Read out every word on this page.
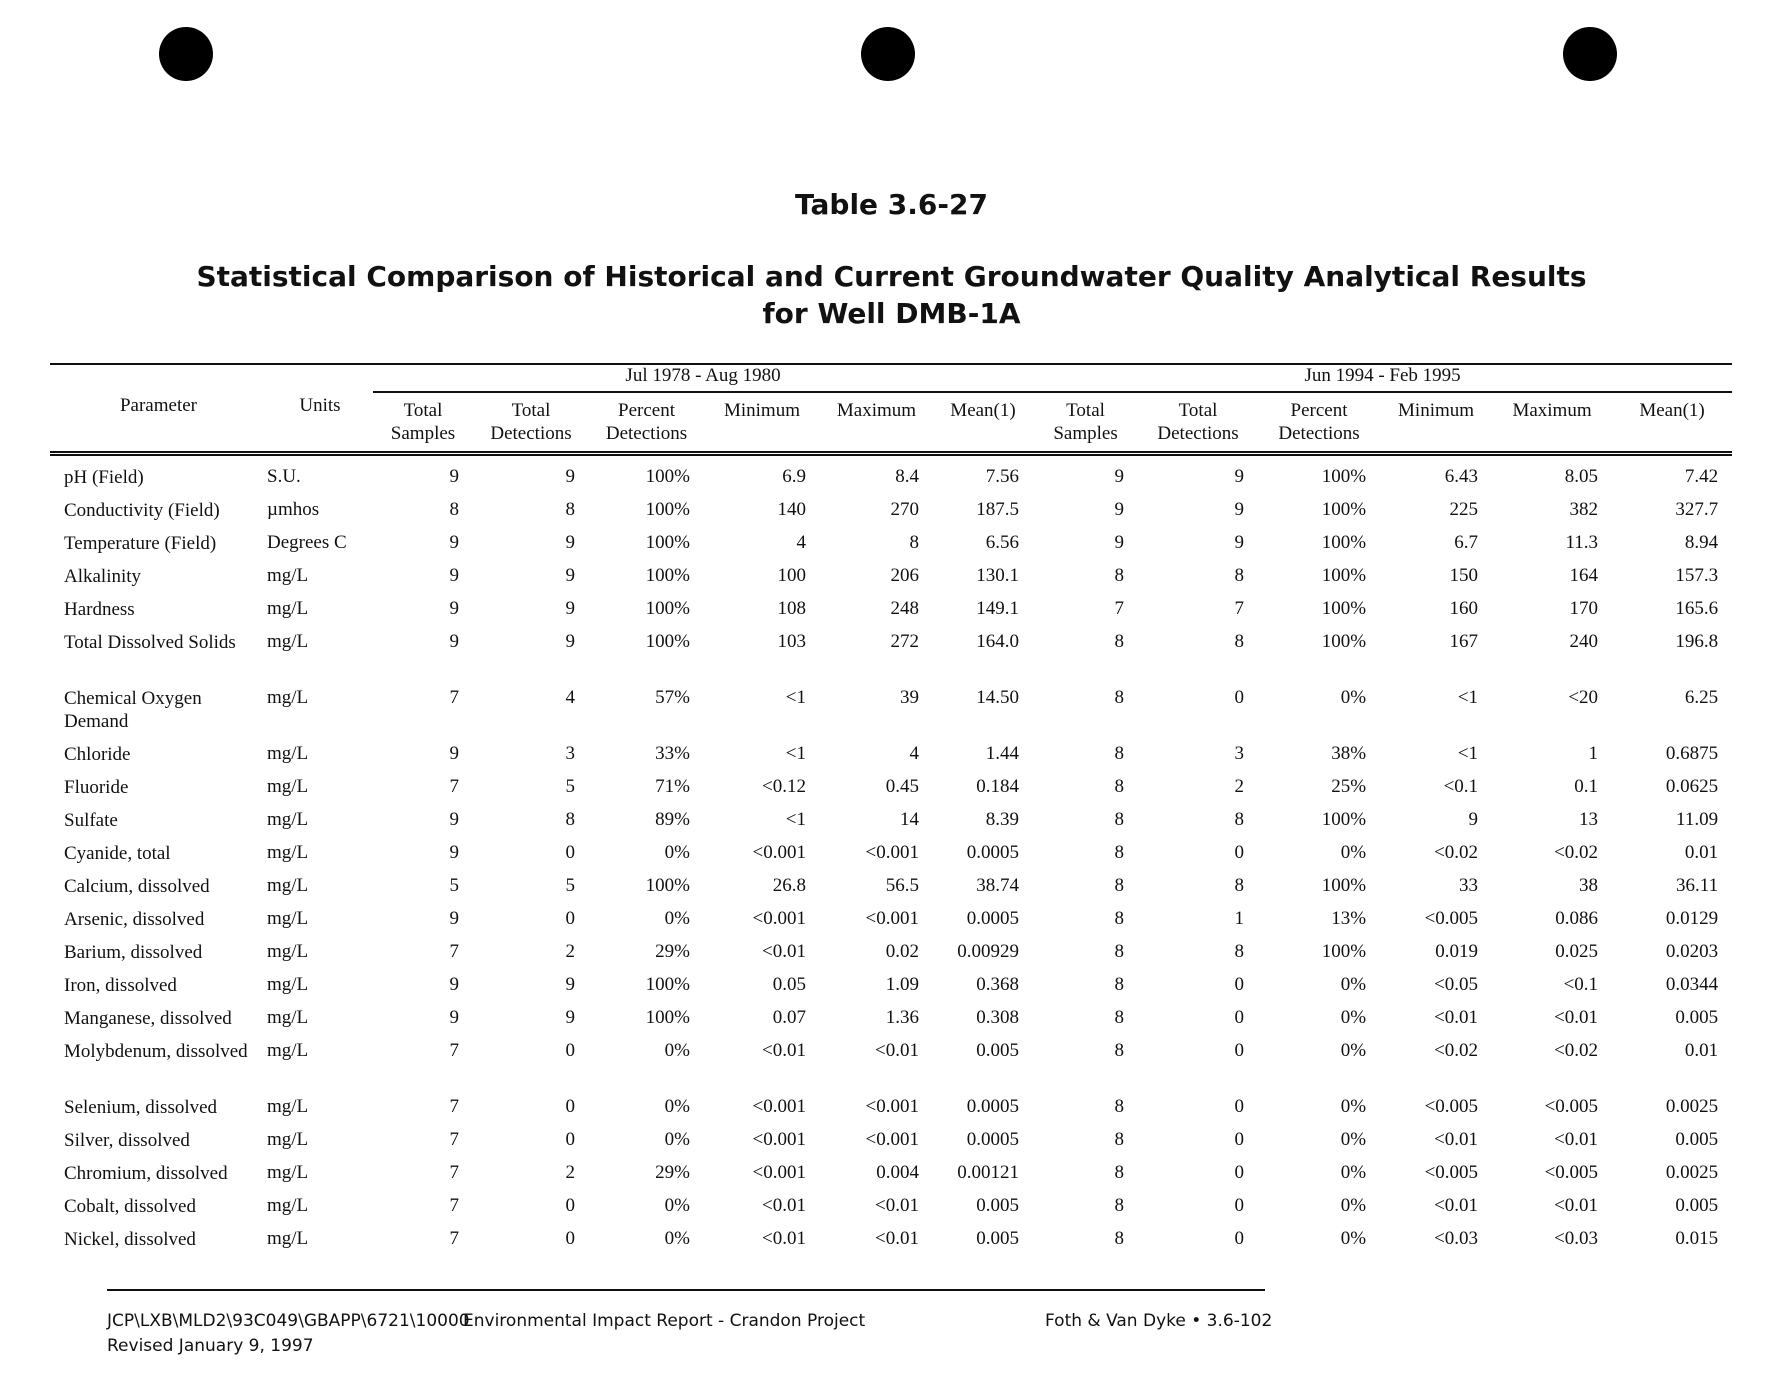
Table 3.6-27
Statistical Comparison of Historical and Current Groundwater Quality Analytical Results
for Well DMB-1A
Parameter	Units	Jul 1978 - Aug 1980						Jun 1994 - Feb 1995					
		Total Samples	Total Detections	Percent Detections	Minimum	Maximum	Mean(1)	Total Samples	Total Detections	Percent Detections	Minimum	Maximum	Mean(1)
pH (Field)	S.U.	9	9	100%	6.9	8.4	7.56	9	9	100%	6.43	8.05	7.42
Conductivity (Field)	µmhos	8	8	100%	140	270	187.5	9	9	100%	225	382	327.7
Temperature (Field)	Degrees C	9	9	100%	4	8	6.56	9	9	100%	6.7	11.3	8.94
Alkalinity	mg/L	9	9	100%	100	206	130.1	8	8	100%	150	164	157.3
Hardness	mg/L	9	9	100%	108	248	149.1	7	7	100%	160	170	165.6
Total Dissolved Solids	mg/L	9	9	100%	103	272	164.0	8	8	100%	167	240	196.8
Chemical Oxygen Demand	mg/L	7	4	57%	<1	39	14.50	8	0	0%	<1	<20	6.25
Chloride	mg/L	9	3	33%	<1	4	1.44	8	3	38%	<1	1	0.6875
Fluoride	mg/L	7	5	71%	<0.12	0.45	0.184	8	2	25%	<0.1	0.1	0.0625
Sulfate	mg/L	9	8	89%	<1	14	8.39	8	8	100%	9	13	11.09
Cyanide, total	mg/L	9	0	0%	<0.001	<0.001	0.0005	8	0	0%	<0.02	<0.02	0.01
Calcium, dissolved	mg/L	5	5	100%	26.8	56.5	38.74	8	8	100%	33	38	36.11
Arsenic, dissolved	mg/L	9	0	0%	<0.001	<0.001	0.0005	8	1	13%	<0.005	0.086	0.0129
Barium, dissolved	mg/L	7	2	29%	<0.01	0.02	0.00929	8	8	100%	0.019	0.025	0.0203
Iron, dissolved	mg/L	9	9	100%	0.05	1.09	0.368	8	0	0%	<0.05	<0.1	0.0344
Manganese, dissolved	mg/L	9	9	100%	0.07	1.36	0.308	8	0	0%	<0.01	<0.01	0.005
Molybdenum, dissolved	mg/L	7	0	0%	<0.01	<0.01	0.005	8	0	0%	<0.02	<0.02	0.01
Selenium, dissolved	mg/L	7	0	0%	<0.001	<0.001	0.0005	8	0	0%	<0.005	<0.005	0.0025
Silver, dissolved	mg/L	7	0	0%	<0.001	<0.001	0.0005	8	0	0%	<0.01	<0.01	0.005
Chromium, dissolved	mg/L	7	2	29%	<0.001	0.004	0.00121	8	0	0%	<0.005	<0.005	0.0025
Cobalt, dissolved	mg/L	7	0	0%	<0.01	<0.01	0.005	8	0	0%	<0.01	<0.01	0.005
Nickel, dissolved	mg/L	7	0	0%	<0.01	<0.01	0.005	8	0	0%	<0.03	<0.03	0.015
JCP\LXB\MLD2\93C049\GBAPP\6721\10000
Environmental Impact Report - Crandon Project
Revised January 9, 1997
Foth & Van Dyke • 3.6-102
